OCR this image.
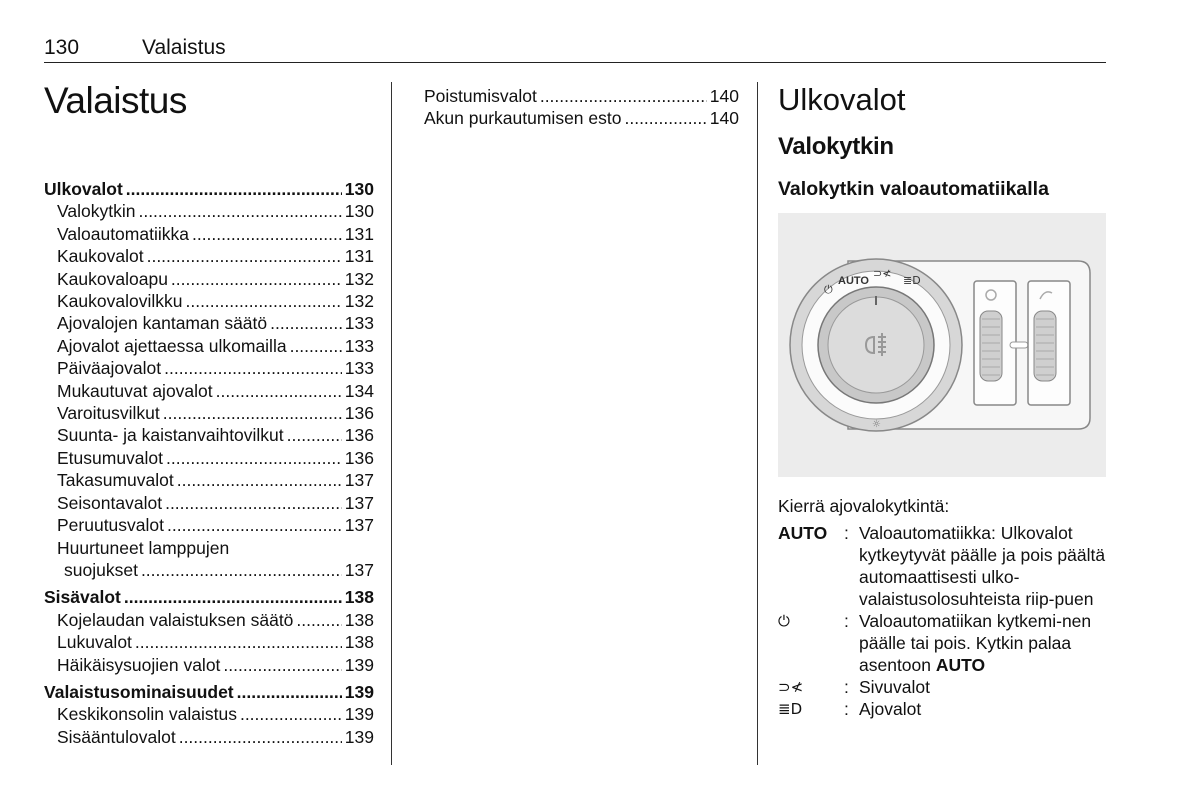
130	Valaistus
Valaistus
Ulkovalot .....	130
Valokytkin .....	130
Valoautomatiikka .....	131
Kaukovalot .....	131
Kaukovaloapu .....	132
Kaukovalovilkku .....	132
Ajovalojen kantaman säätö .....	133
Ajovalot ajettaessa ulkomailla .....	133
Päiväajovalot .....	133
Mukautuvat ajovalot .....	134
Varoitusvilkut .....	136
Suunta- ja kaistanvaihtovilkut .....	136
Etusumuvalot .....	136
Takasumuvalot .....	137
Seisontavalot .....	137
Peruutusvalot .....	137
Huurtuneet lamppujen
suojukset .....	137
Sisävalot .....	138
Kojelaudan valaistuksen säätö .....	138
Lukuvalot .....	138
Häikäisysuojien valot .....	139
Valaistusominaisuudet .....	139
Keskikonsolin valaistus .....	139
Sisääntulovalot .....	139
Poistumisvalot .....	140
Akun purkautumisen esto .....	140
Ulkovalot
Valokytkin
Valokytkin valoautomatiikalla
⏻
AUTO
⊃≮
≣D
☼
Kierrä ajovalokytkintä:
AUTO : Valoautomatiikka: Ulkovalot kytkeytyvät päälle ja pois päältä automaattisesti ulko-valaistusolosuhteista riip-puen
⏻	: Valoautomatiikan kytkemi-nen päälle tai pois. Kytkin palaa asentoon AUTO
⊃≮	: Sivuvalot
≣D	: Ajovalot
